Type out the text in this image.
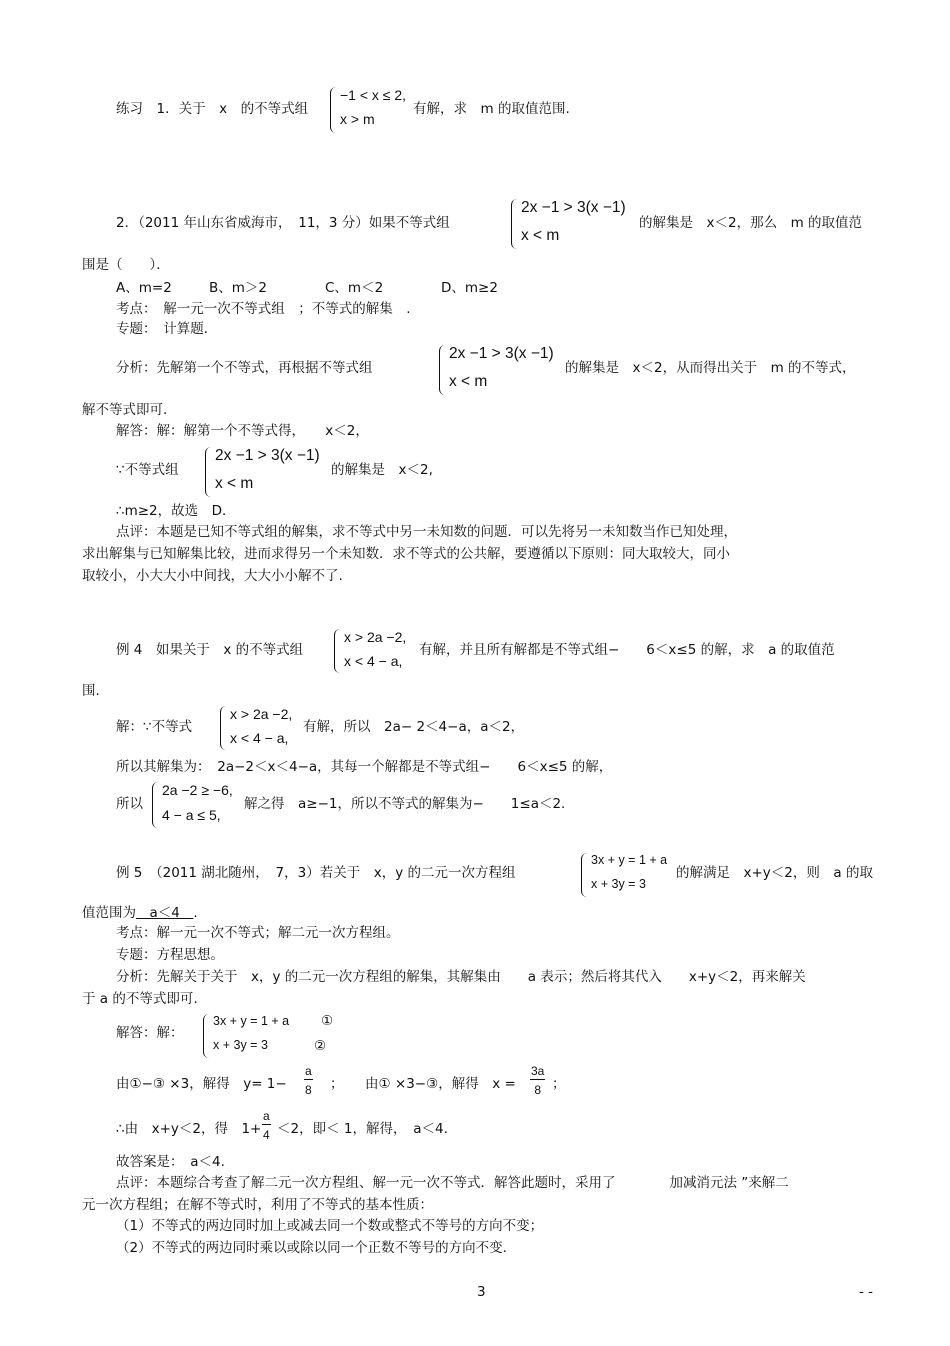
练习　1．关于　x　的不等式组
−1 < x ≤ 2,
x > m
有解，求　m 的取值范围.
2．（2011 年山东省威海市，　11，3 分）如果不等式组
2x −1 > 3(x −1)
x < m
的解集是　x＜2，那么　m 的取值范
围是（　　）．
A、m=2	B、m＞2	C、m＜2	D、m≥2
考点：　解一元一次不等式组　；不等式的解集　.
专题：　计算题．
分析：先解第一个不等式，再根据不等式组
2x −1 > 3(x −1)
x < m
的解集是　x＜2，从而得出关于　m 的不等式，
解不等式即可.
解答：解：解第一个不等式得，　　x＜2，
∵不等式组
2x −1 > 3(x −1)
x < m
的解集是　x＜2,
∴m≥2，故选　D．
点评：本题是已知不等式组的解集，求不等式中另一未知数的问题．可以先将另一未知数当作已知处理，
求出解集与已知解集比较，进而求得另一个未知数．求不等式的公共解，要遵循以下原则：同大取较大，同小
取较小，小大大小中间找，大大小小解不了.
例 4　如果关于　x 的不等式组
x > 2a −2,
x < 4 − a,
有解，并且所有解都是不等式组−　　6＜x≤5 的解，求　a 的取值范
围.
解：∵不等式
x > 2a −2,
x < 4 − a,
有解，所以　2a− 2＜4−a，a＜2，
所以其解集为：　2a−2＜x＜4−a，其每一个解都是不等式组−　　6＜x≤5 的解，
所以
2a −2 ≥ −6,
4 − a ≤ 5,
解之得　a≥−1，所以不等式的解集为−　　1≤a＜2.
例 5　（2011 湖北随州，　7，3）若关于　x，y 的二元一次方程组
3x + y = 1 + a
x + 3y = 3
的解满足　x+y＜2，则　a 的取
值范围为　a＜4　.
考点：解一元一次不等式；解二元一次方程组。
专题：方程思想。
分析：先解关于关于　x，y 的二元一次方程组的解集，其解集由　　a 表示；然后将其代入　　x+y＜2，再来解关
于 a 的不等式即可.
解答：解：
3x + y = 1 + a
x + 3y = 3
①
②
由①−③ ×3，解得　$y= 1- \frac{a}{8}$ ； 由① ×3−③，解得　$x = \frac{3a}{8}$ ；
∴由　x+y＜2，得　$1+ \frac{a}{4} <2$，即＜ 1，解得，　a＜4.
故答案是：　a＜4.
点评：本题综合考查了解二元一次方程组、解一元一次不等式．解答此题时，采用了　　　　加减消元法 ”来解二
元一次方程组；在解不等式时，利用了不等式的基本性质：
（1）不等式的两边同时加上或减去同一个数或整式不等号的方向不变；
（2）不等式的两边同时乘以或除以同一个正数不等号的方向不变.
3	- -
